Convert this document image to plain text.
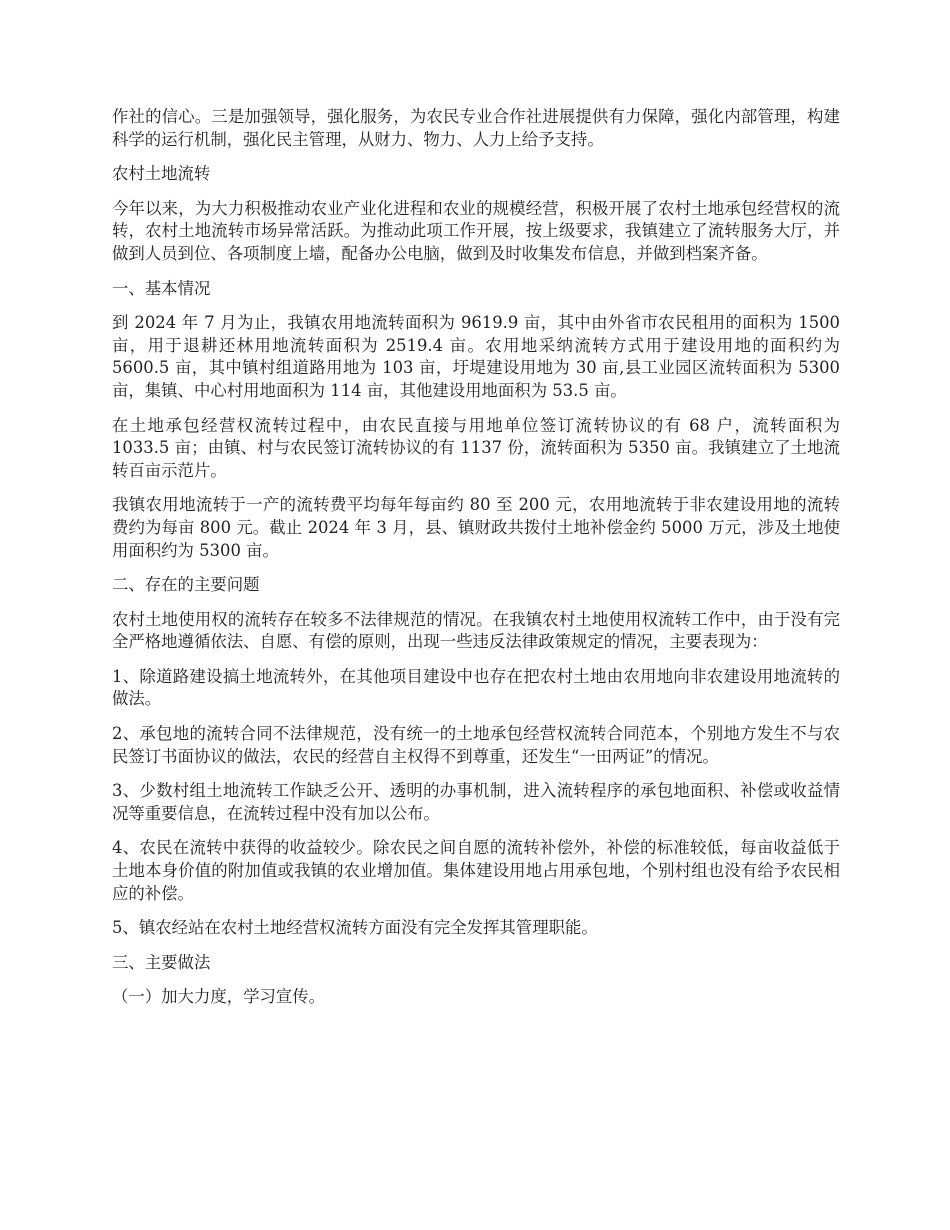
作社的信心。三是加强领导，强化服务，为农民专业合作社进展提供有力保障，强化内部管理，构建科学的运行机制，强化民主管理，从财力、物力、人力上给予支持。

农村土地流转

今年以来，为大力积极推动农业产业化进程和农业的规模经营，积极开展了农村土地承包经营权的流转，农村土地流转市场异常活跃。为推动此项工作开展，按上级要求，我镇建立了流转服务大厅，并做到人员到位、各项制度上墙，配备办公电脑，做到及时收集发布信息，并做到档案齐备。

一、基本情况

到 2024 年 7 月为止，我镇农用地流转面积为 9619.9 亩，其中由外省市农民租用的面积为 1500 亩，用于退耕还林用地流转面积为 2519.4 亩。农用地采纳流转方式用于建设用地的面积约为 5600.5 亩，其中镇村组道路用地为 103 亩，圩堤建设用地为 30 亩,县工业园区流转面积为 5300 亩，集镇、中心村用地面积为 114 亩，其他建设用地面积为 53.5 亩。

在土地承包经营权流转过程中，由农民直接与用地单位签订流转协议的有 68 户，流转面积为 1033.5 亩；由镇、村与农民签订流转协议的有 1137 份，流转面积为 5350 亩。我镇建立了土地流转百亩示范片。

我镇农用地流转于一产的流转费平均每年每亩约 80 至 200 元，农用地流转于非农建设用地的流转费约为每亩 800 元。截止 2024 年 3 月，县、镇财政共拨付土地补偿金约 5000 万元，涉及土地使用面积约为 5300 亩。

二、存在的主要问题

农村土地使用权的流转存在较多不法律规范的情况。在我镇农村土地使用权流转工作中，由于没有完全严格地遵循依法、自愿、有偿的原则，出现一些违反法律政策规定的情况，主要表现为：

1、除道路建设搞土地流转外，在其他项目建设中也存在把农村土地由农用地向非农建设用地流转的做法。

2、承包地的流转合同不法律规范，没有统一的土地承包经营权流转合同范本，个别地方发生不与农民签订书面协议的做法，农民的经营自主权得不到尊重，还发生“一田两证”的情况。

3、少数村组土地流转工作缺乏公开、透明的办事机制，进入流转程序的承包地面积、补偿或收益情况等重要信息，在流转过程中没有加以公布。

4、农民在流转中获得的收益较少。除农民之间自愿的流转补偿外，补偿的标准较低，每亩收益低于土地本身价值的附加值或我镇的农业增加值。集体建设用地占用承包地，个别村组也没有给予农民相应的补偿。

5、镇农经站在农村土地经营权流转方面没有完全发挥其管理职能。

三、主要做法

（一）加大力度，学习宣传。
